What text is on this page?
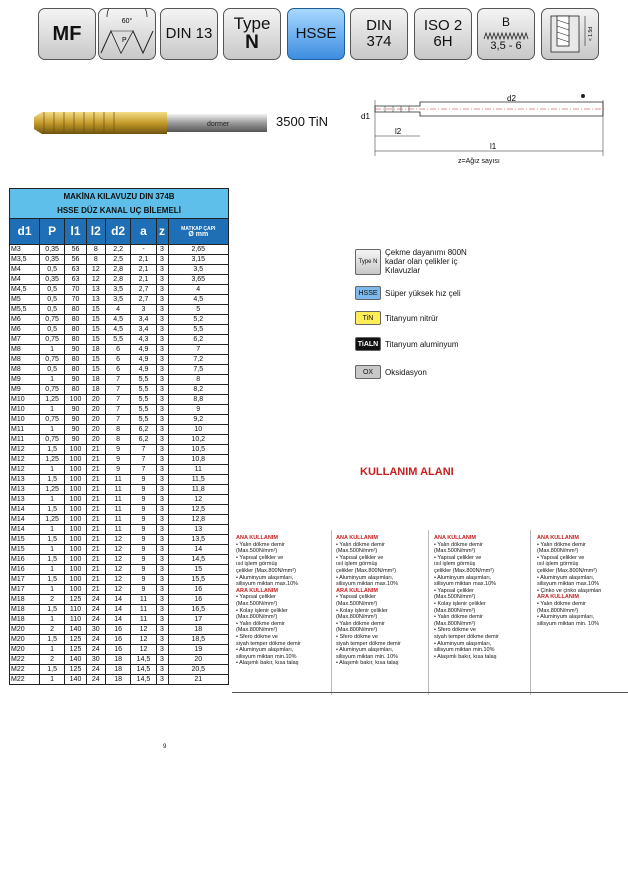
MF
60°
P	DIN 13
Type
N HSSE DIN
374
ISO 2
6H
B
3,5 - 6
< 1.5d
dormer	3500 TiN	d1
d2
l2
l1
z=Ağız sayısı
MAKİNA KILAVUZU DIN 374B							
HSSE DÜZ KANAL UÇ BİLEMELİ							
d1	P	l1	l2	d2	a	z	MATKAP ÇAPI
Ø mm
M3	0,35	56	8	2,2	-	3	2,65
M3,5	0,35	56	8	2,5	2,1	3	3,15
M4	0,5	63	12	2,8	2,1	3	3,5
M4	0,35	63	12	2,8	2,1	3	3,65
M4,5	0,5	70	13	3,5	2,7	3	4
M5	0,5	70	13	3,5	2,7	3	4,5
M5,5	0,5	80	15	4	3	3	5
M6	0,75	80	15	4,5	3,4	3	5,2
M6	0,5	80	15	4,5	3,4	3	5,5
M7	0,75	80	15	5,5	4,3	3	6,2
M8	1	90	18	6	4,9	3	7
M8	0,75	80	15	6	4,9	3	7,2
M8	0,5	80	15	6	4,9	3	7,5
M9	1	90	18	7	5,5	3	8
M9	0,75	80	18	7	5,5	3	8,2
M10	1,25	100	20	7	5,5	3	8,8
M10	1	90	20	7	5,5	3	9
M10	0,75	90	20	7	5,5	3	9,2
M11	1	90	20	8	6,2	3	10
M11	0,75	90	20	8	6,2	3	10,2
M12	1,5	100	21	9	7	3	10,5
M12	1,25	100	21	9	7	3	10,8
M12	1	100	21	9	7	3	11
M13	1,5	100	21	11	9	3	11,5
M13	1,25	100	21	11	9	3	11,8
M13	1	100	21	11	9	3	12
M14	1,5	100	21	11	9	3	12,5
M14	1,25	100	21	11	9	3	12,8
M14	1	100	21	11	9	3	13
M15	1,5	100	21	12	9	3	13,5
M15	1	100	21	12	9	3	14
M16	1,5	100	21	12	9	3	14,5
M16	1	100	21	12	9	3	15
M17	1,5	100	21	12	9	3	15,5
M17	1	100	21	12	9	3	16
M18	2	125	24	14	11	3	16
M18	1,5	110	24	14	11	3	16,5
M18	1	110	24	14	11	3	17
M20	2	140	30	16	12	3	18
M20	1,5	125	24	16	12	3	18,5
M20	1	125	24	16	12	3	19
M22	2	140	30	18	14,5	3	20
M22	1,5	125	24	18	14,5	3	20,5
M22	1	140	24	18	14,5	3	21
Type N
Çekme dayanımı 800N kadar olan çelikler iç Kılavuzlar
HSSE Süper yüksek hız çeli
TiN	Titanyum nitrür
TiALN Titanyum aluminyum
OX	Oksidasyon
KULLANIM ALANI
ANA KULLANIM
• Yalın dökme demir
(Max.500N/mm²)
• Yapısal çelikler ve
ısıl işlem görmüş
çelikler (Max.800N/mm²)
• Aluminyum alaşımları,
silisyum miktarı max.10%
ARA KULLANIM
• Yapısal çelikler
(Max.500N/mm²)
• Kolay işlenir çelikler
(Max.800N/mm²)
• Yalın dökme demir
(Max.800N/mm²)
• Sfero dökme ve
siyah temper dökme demir
• Aluminyum alaşımları,
silisyum miktarı min.10%
• Alaşımlı bakır, kısa talaş
ANA KULLANIM
• Yalın dökme demir
(Max.500N/mm²)
• Yapısal çelikler ve
ısıl işlem görmüş
çelikler (Max.800N/mm²)
• Aluminyum alaşımları,
silisyum miktarı max.10%
ARA KULLANIM
• Yapısal çelikler
(Max.500N/mm²)
• Kolay işlenir çelikler
(Max.800N/mm²)
• Yalın dökme demir
(Max.800N/mm²)
• Sfero dökme ve
siyah temper dökme demir
• Aluminyum alaşımları,
silisyum miktarı min. 10%
• Alaşımlı bakır, kısa talaş
ANA KULLANIM
• Yalın dökme demir
(Max.500N/mm²)
• Yapısal çelikler ve
ısıl işlem görmüş
çelikler (Max.800N/mm²)
• Aluminyum alaşımları,
silisyum miktarı max.10%
• Yapısal çelikler
(Max.500N/mm²)
• Kolay işlenir çelikler
(Max.800N/mm²)
• Yalın dökme demir
(Max.800N/mm²)
• Sfero dökme ve
siyah temper dökme demir
• Aluminyum alaşımları,
silisyum miktarı min.10%
• Alaşımlı bakır, kısa talaş
ANA KULLANIM
• Yalın dökme demir
(Max.800N/mm²)
• Yapısal çelikler ve
ısıl işlem görmüş
çelikler (Max.800N/mm²)
• Aluminyum alaşımları,
silisyum miktarı max.10%
• Çinko ve çinko alaşımları
ARA KULLANIM
• Yalın dökme demir
(Max.800N/mm²)
• Aluminyum alaşımları,
silisyum miktarı min. 10%
9
